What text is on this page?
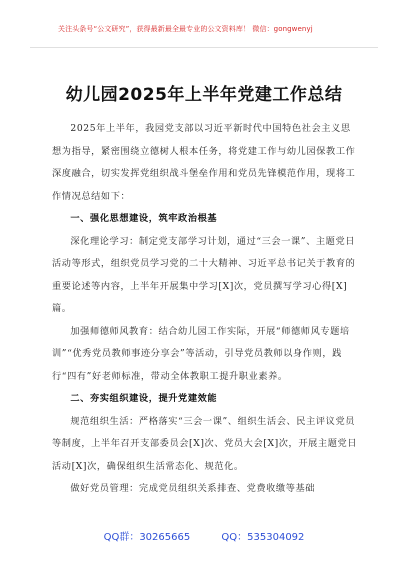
关注头条号“公文研究”，获得最新最全最专业的公文资料库！ 微信：gongwenyj
幼儿园2025年上半年党建工作总结

2025年上半年，我园党支部以习近平新时代中国特色社会主义思想为指导，紧密围绕立德树人根本任务，将党建工作与幼儿园保教工作深度融合，切实发挥党组织战斗堡垒作用和党员先锋模范作用，现将工作情况总结如下：

一、强化思想建设，筑牢政治根基

深化理论学习：制定党支部学习计划，通过“三会一课”、主题党日活动等形式，组织党员学习党的二十大精神、习近平总书记关于教育的重要论述等内容，上半年开展集中学习[X]次，党员撰写学习心得[X]篇。

加强师德师风教育：结合幼儿园工作实际，开展“师德师风专题培训”“优秀党员教师事迹分享会”等活动，引导党员教师以身作则，践行“四有”好老师标准，带动全体教职工提升职业素养。

二、夯实组织建设，提升党建效能

规范组织生活：严格落实“三会一课”、组织生活会、民主评议党员等制度，上半年召开支部委员会[X]次、党员大会[X]次，开展主题党日活动[X]次，确保组织生活常态化、规范化。

做好党员管理：完成党员组织关系排查、党费收缴等基础

QQ群：30265665	QQ：535304092
